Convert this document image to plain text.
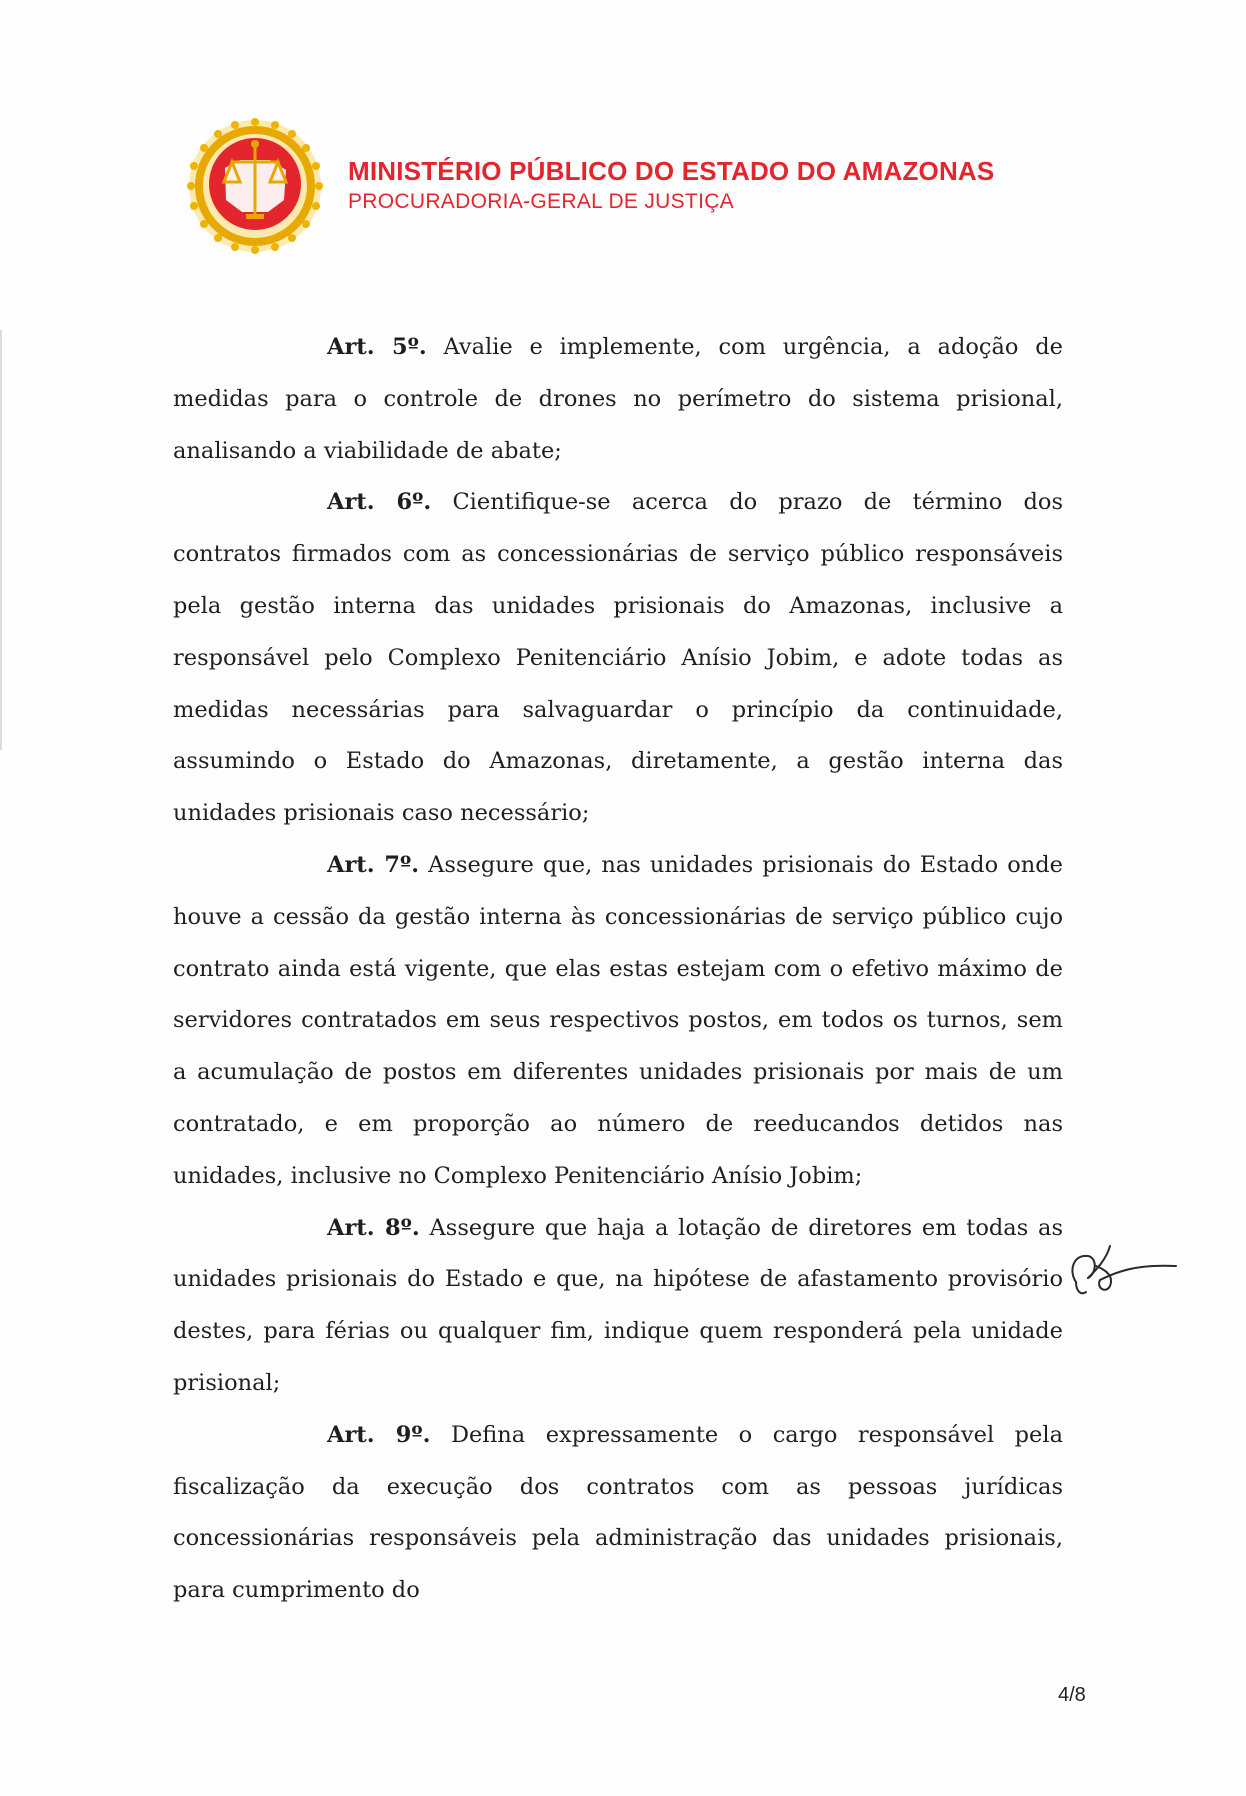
MINISTÉRIO PÚBLICO DO ESTADO DO AMAZONAS
PROCURADORIA-GERAL DE JUSTIÇA

Art. 5º. Avalie e implemente, com urgência, a adoção de medidas para o controle de drones no perímetro do sistema prisional, analisando a viabilidade de abate;

Art. 6º. Cientifique-se acerca do prazo de término dos contratos firmados com as concessionárias de serviço público responsáveis pela gestão interna das unidades prisionais do Amazonas, inclusive a responsável pelo Complexo Penitenciário Anísio Jobim, e adote todas as medidas necessárias para salvaguardar o princípio da continuidade, assumindo o Estado do Amazonas, diretamente, a gestão interna das unidades prisionais caso necessário;

Art. 7º. Assegure que, nas unidades prisionais do Estado onde houve a cessão da gestão interna às concessionárias de serviço público cujo contrato ainda está vigente, que elas estas estejam com o efetivo máximo de servidores contratados em seus respectivos postos, em todos os turnos, sem a acumulação de postos em diferentes unidades prisionais por mais de um contratado, e em proporção ao número de reeducandos detidos nas unidades, inclusive no Complexo Penitenciário Anísio Jobim;

Art. 8º. Assegure que haja a lotação de diretores em todas as unidades prisionais do Estado e que, na hipótese de afastamento provisório destes, para férias ou qualquer fim, indique quem responderá pela unidade prisional;

Art. 9º. Defina expressamente o cargo responsável pela fiscalização da execução dos contratos com as pessoas jurídicas concessionárias responsáveis pela administração das unidades prisionais, para cumprimento do

4/8
